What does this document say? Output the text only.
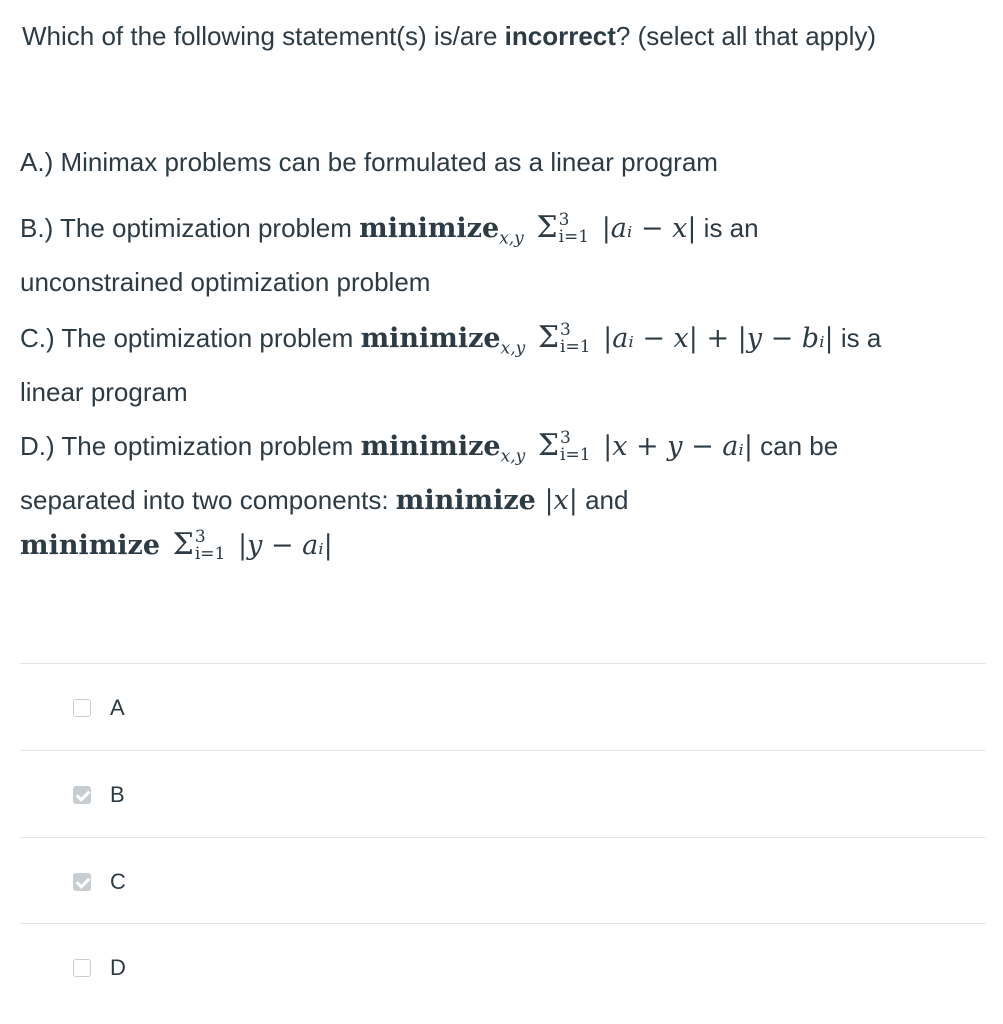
Which of the following statement(s) is/are incorrect? (select all that apply)
A.) Minimax problems can be formulated as a linear program
B.) The optimization problem minimize$_{x,y}$ Σ 3
i=1 |aᵢ − x| is an
unconstrained optimization problem
C.) The optimization problem minimize$_{x,y}$ Σ 3
i=1 |aᵢ − x| + |y − bᵢ| is a
linear program
D.) The optimization problem minimize$_{x,y}$ Σ 3
i=1 |x + y − aᵢ| can be
separated into two components: minimize |x| and
minimize Σ 3
i=1 |y − aᵢ|
A
B
C
D
